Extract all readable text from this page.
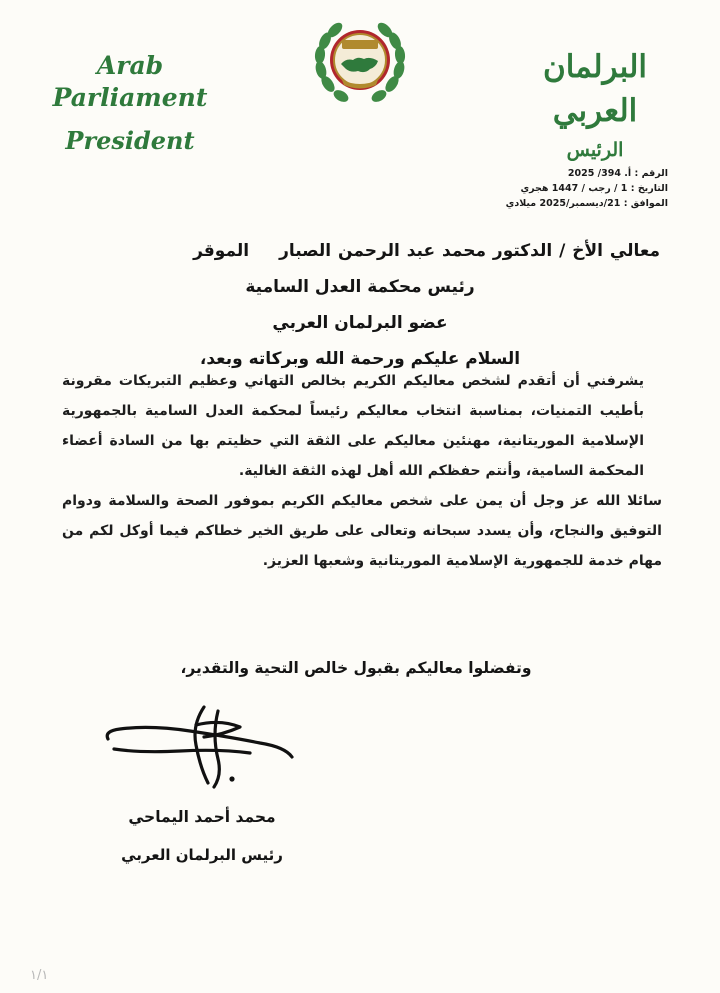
Arab Parliament
President
البرلمان العربي
الرئيس
الرقم : أ. 394/ 2025
التاريخ : 1 / رجب / 1447 هجري
الموافق : 21/ديسمبر/2025 ميلادي
معالي الأخ / الدكتور محمد عبد الرحمن الصبارالموقر
رئيس محكمة العدل السامية
عضو البرلمان العربي
السلام عليكم ورحمة الله وبركاته وبعد،

يشرفني أن أتقدم لشخص معاليكم الكريم بخالص التهاني وعظيم التبريكات مقرونة بأطيب التمنيات، بمناسبة انتخاب معاليكم رئيساً لمحكمة العدل السامية بالجمهورية الإسلامية الموريتانية، مهنئين معاليكم على الثقة التي حظيتم بها من السادة أعضاء المحكمة السامية، وأنتم حفظكم الله أهل لهذه الثقة الغالية.

سائلا الله عز وجل أن يمن على شخص معاليكم الكريم بموفور الصحة والسلامة ودوام التوفيق والنجاح، وأن يسدد سبحانه وتعالى على طريق الخير خطاكم فيما أوكل لكم من مهام خدمة للجمهورية الإسلامية الموريتانية وشعبها العزيز.

وتفضلوا معاليكم بقبول خالص التحية والتقدير،
محمد أحمد اليماحي
رئيس البرلمان العربي
١/١
